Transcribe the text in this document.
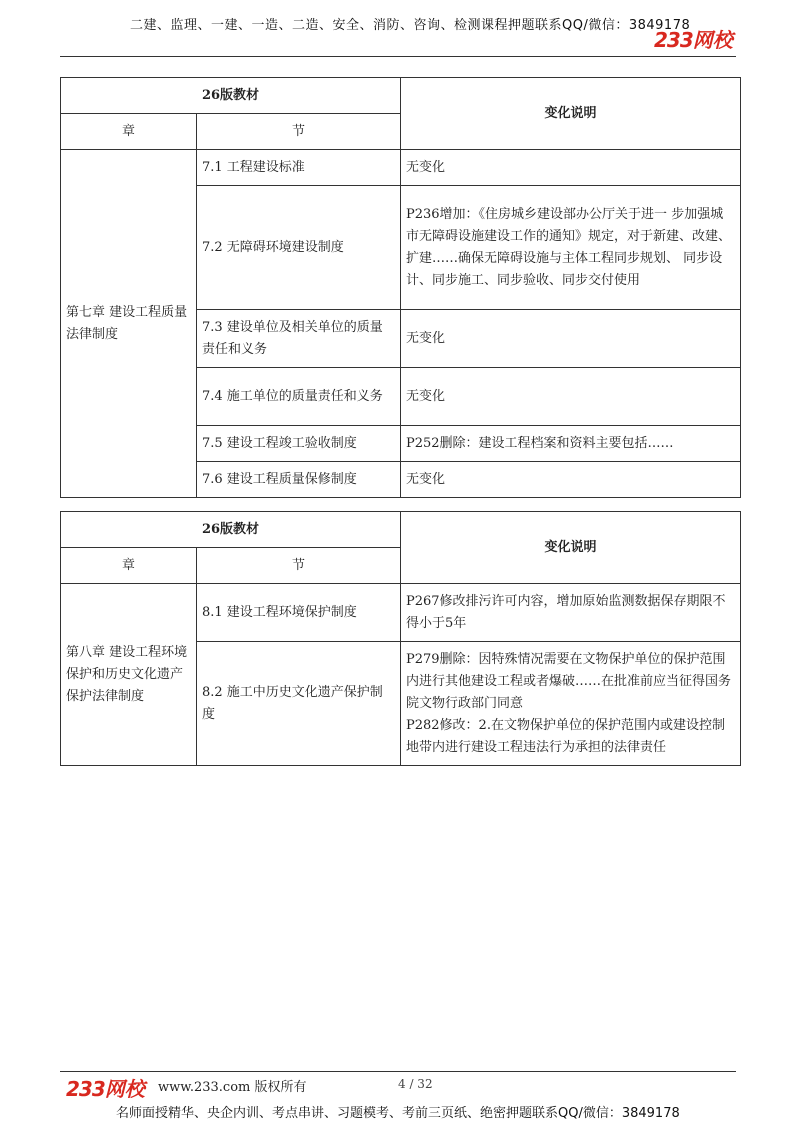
二建、监理、一建、一造、二造、安全、消防、咨询、检测课程押题联系QQ/微信：3849178
233网校
26版教材		变化说明
章	节	
第七章 建设工程质量法律制度	7.1 工程建设标准	无变化
	7.2 无障碍环境建设制度	P236增加：《住房城乡建设部办公厅关于进一 步加强城市无障碍设施建设工作的通知》规定，对于新建、改建、扩建……确保无障碍设施与主体工程同步规划、 同步设计、同步施工、同步验收、同步交付使用
	7.3 建设单位及相关单位的质量责任和义务	无变化
	7.4 施工单位的质量责任和义务	无变化
	7.5 建设工程竣工验收制度	P252删除：建设工程档案和资料主要包括……
	7.6 建设工程质量保修制度	无变化
26版教材		变化说明
章	节	
第八章 建设工程环境保护和历史文化遗产保护法律制度	8.1 建设工程环境保护制度	P267修改排污许可内容，增加原始监测数据保存期限不得小于5年
	8.2 施工中历史文化遗产保护制度	P279删除：因特殊情况需要在文物保护单位的保护范围内进行其他建设工程或者爆破……在批准前应当征得国务院文物行政部门同意
P282修改：2.在文物保护单位的保护范围内或建设控制地带内进行建设工程违法行为承担的法律责任
233网校 www.233.com 版权所有	4 / 32
名师面授精华、央企内训、考点串讲、习题模考、考前三页纸、绝密押题联系QQ/微信：3849178
